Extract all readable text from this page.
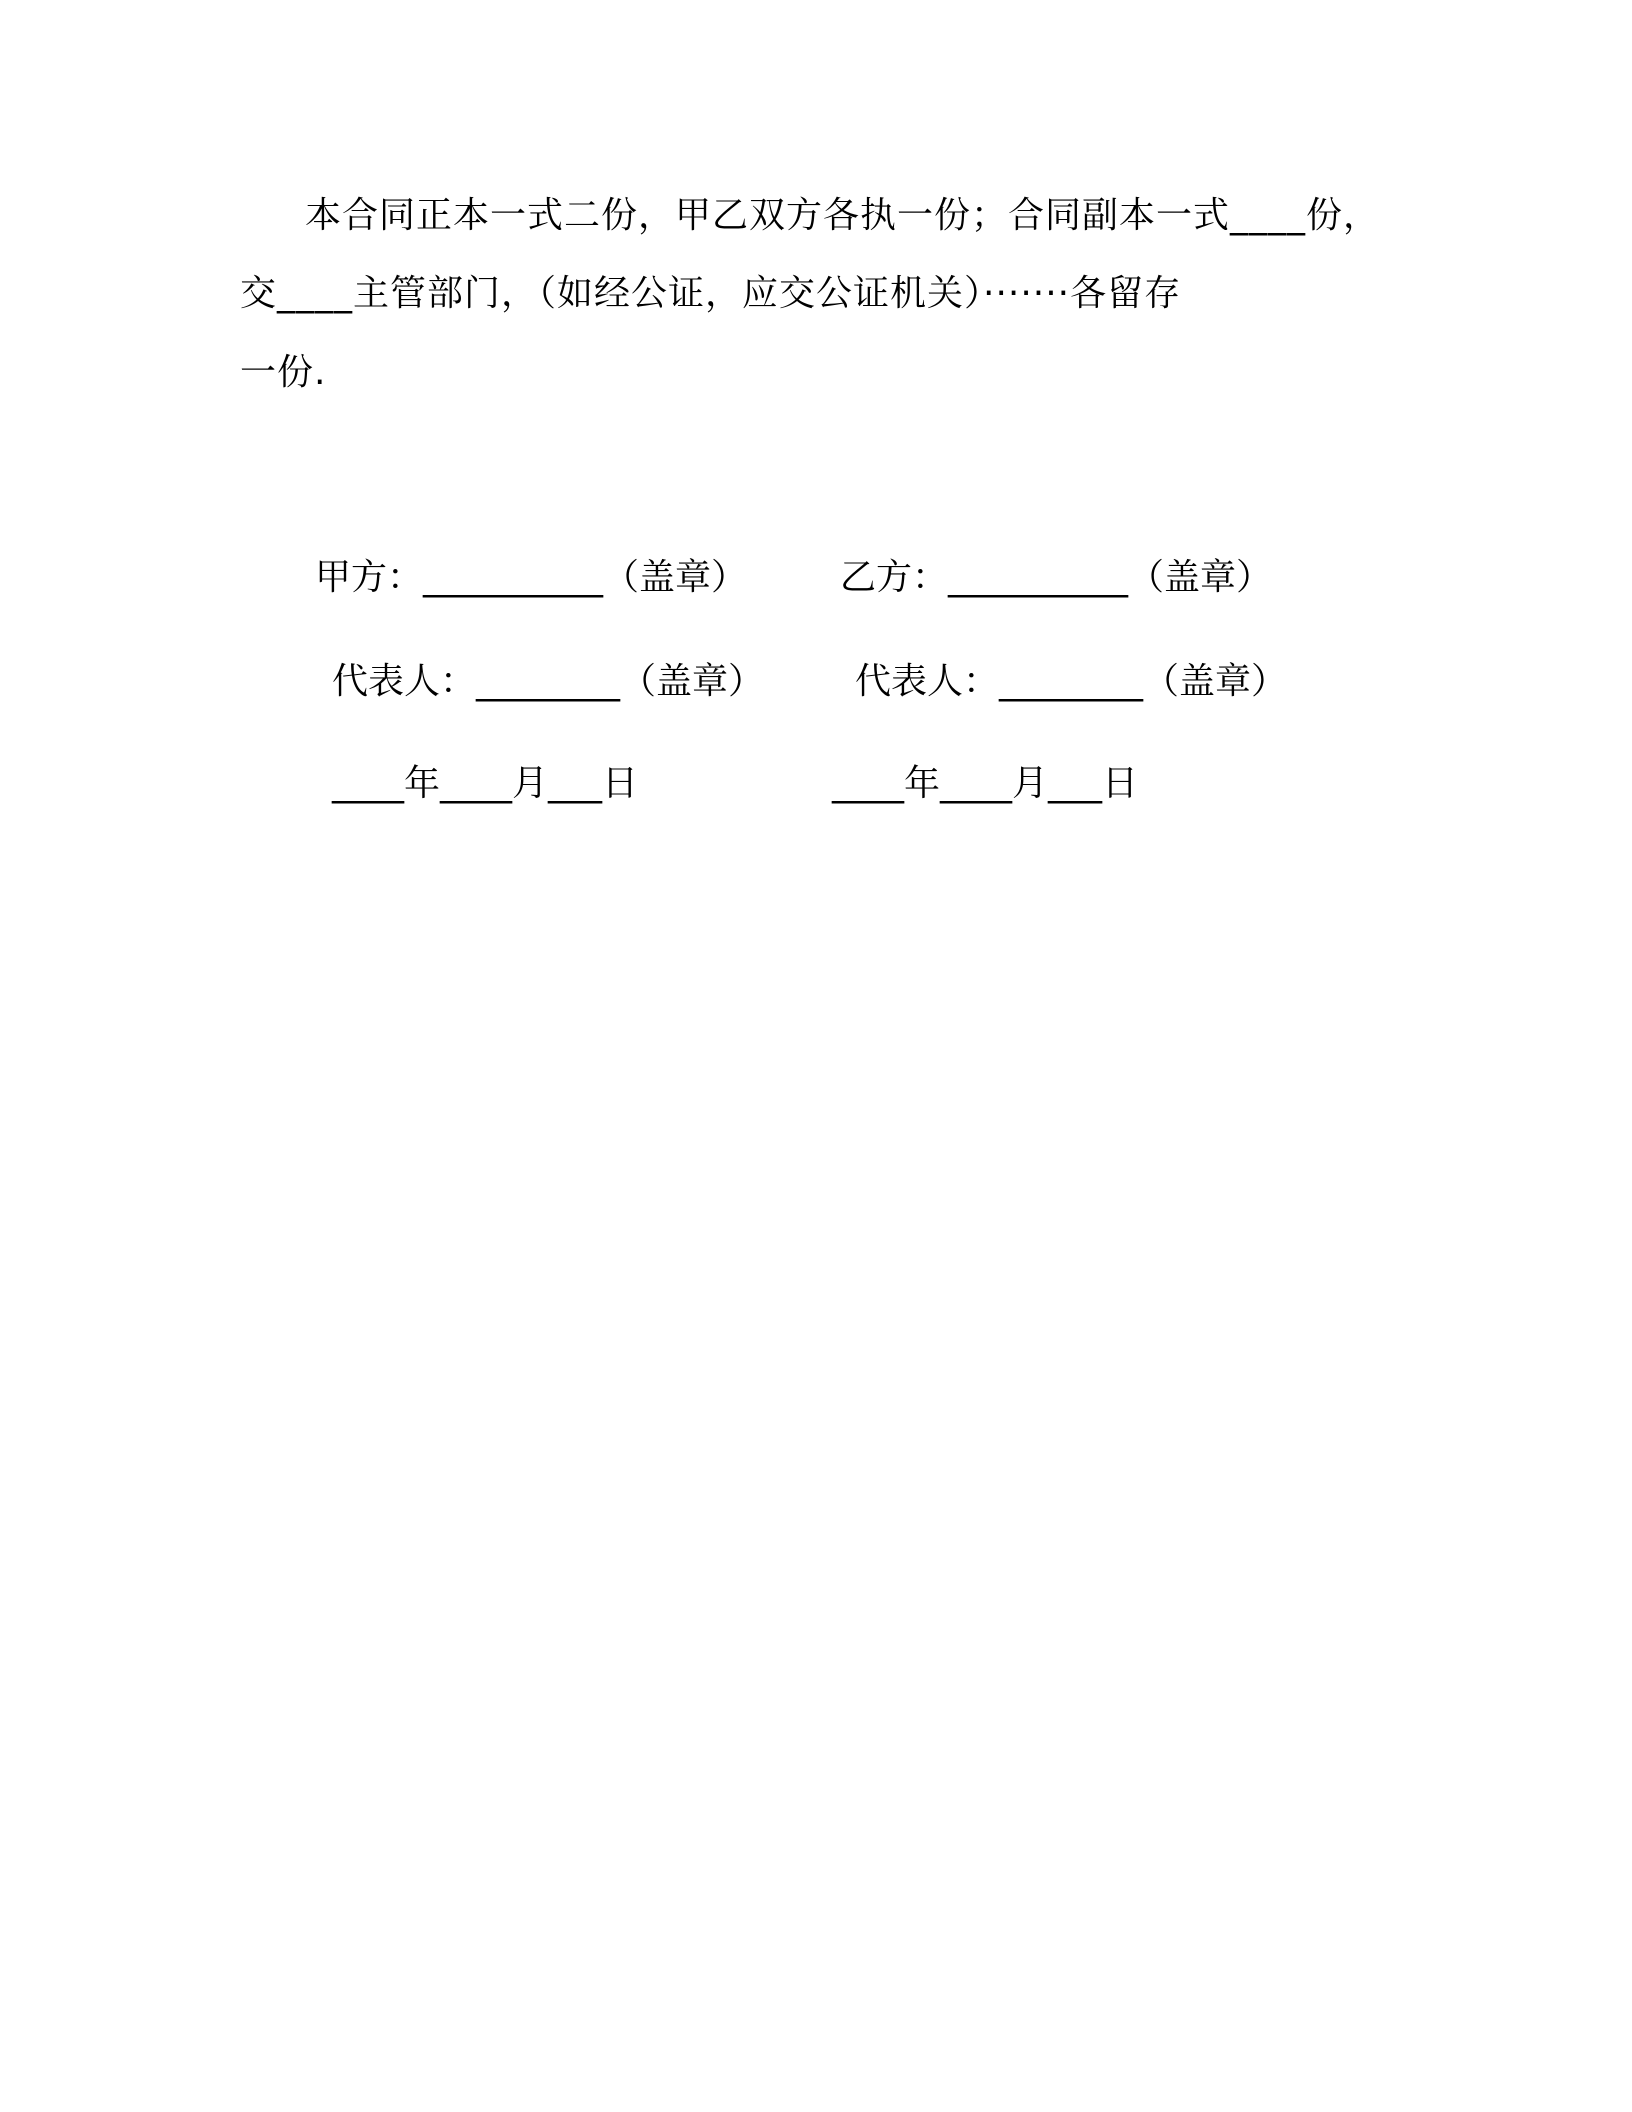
本合同正本一式二份，甲乙双方各执一份；合同副本一式____份，
交____主管部门，（如经公证，应交公证机关）·······各留存
一份.
甲方：__________（盖章）	乙方：__________（盖章）
代表人：________（盖章）	代表人：________（盖章）
____年____月___日	____年____月___日
